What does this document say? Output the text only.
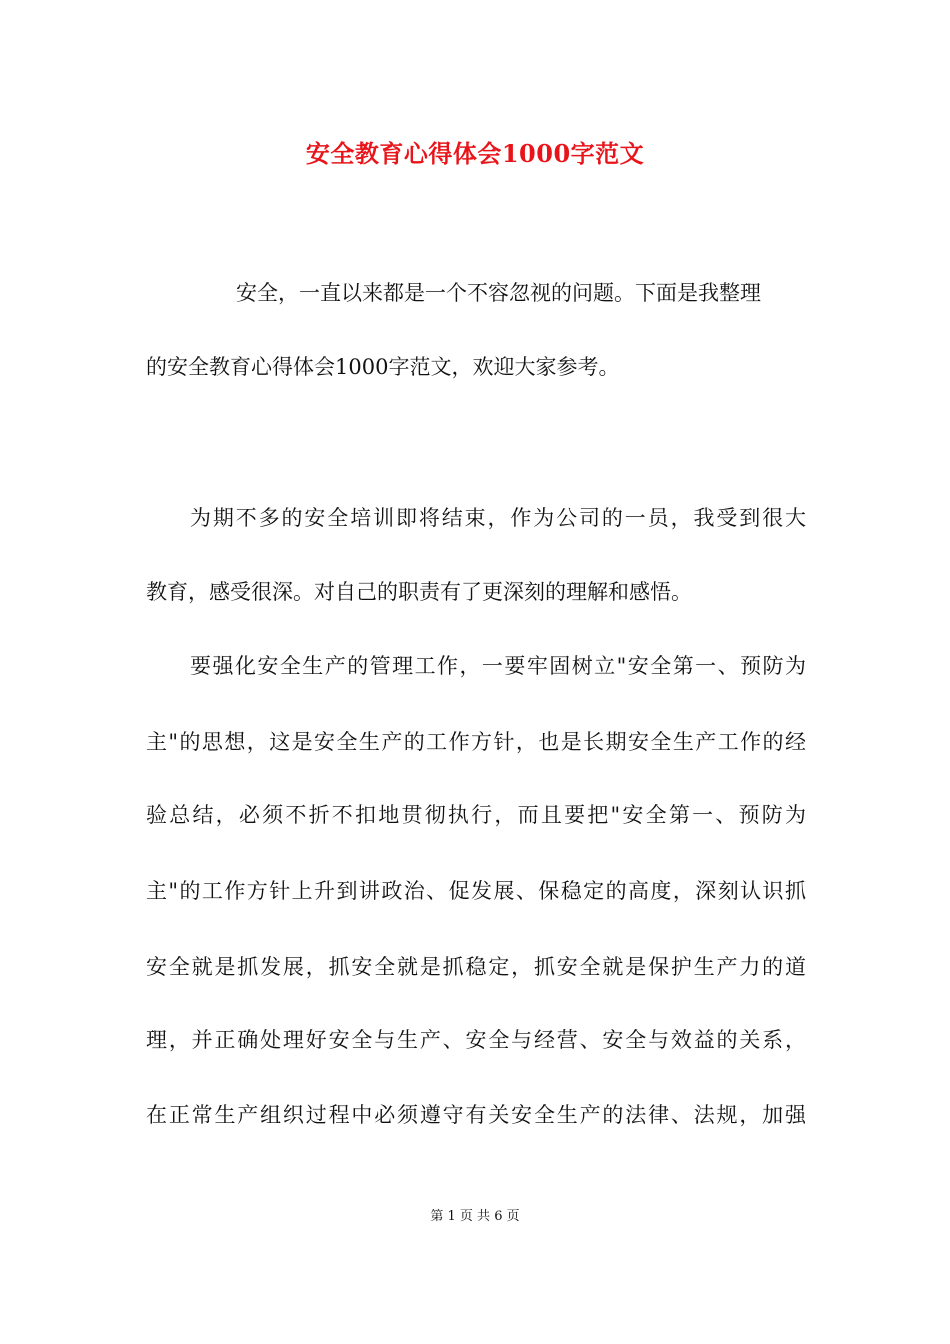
安全教育心得体会1000字范文
安全，一直以来都是一个不容忽视的问题。下面是我整理
的安全教育心得体会1000字范文，欢迎大家参考。
为期不多的安全培训即将结束，作为公司的一员，我受到很大
教育，感受很深。对自己的职责有了更深刻的理解和感悟。
要强化安全生产的管理工作，一要牢固树立"安全第一、预防为
主"的思想，这是安全生产的工作方针，也是长期安全生产工作的经
验总结，必须不折不扣地贯彻执行，而且要把"安全第一、预防为
主"的工作方针上升到讲政治、促发展、保稳定的高度，深刻认识抓
安全就是抓发展，抓安全就是抓稳定，抓安全就是保护生产力的道
理，并正确处理好安全与生产、安全与经营、安全与效益的关系，
在正常生产组织过程中必须遵守有关安全生产的法律、法规，加强
第 1 页 共 6 页
